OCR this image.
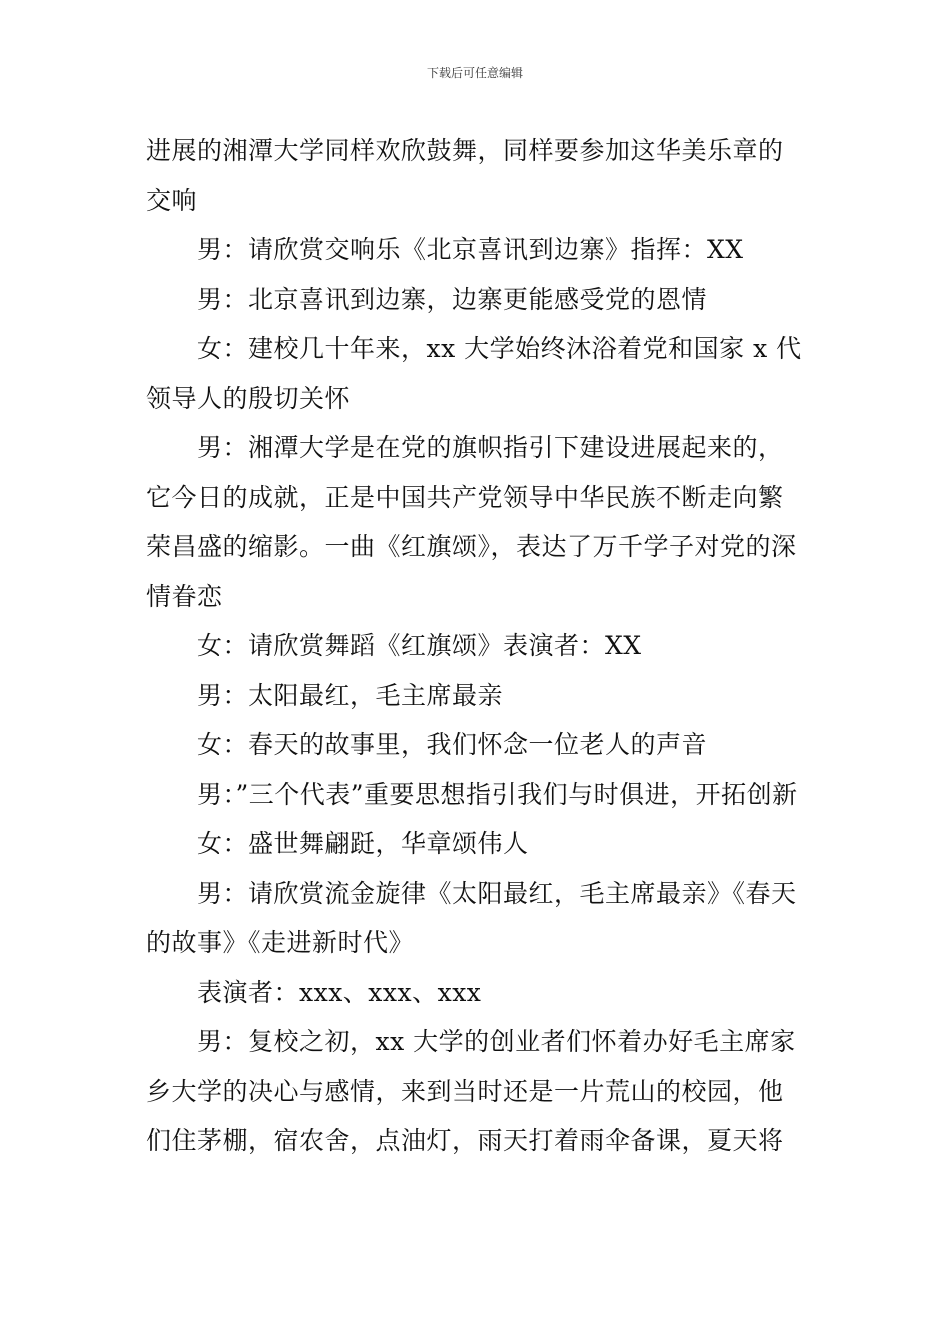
下载后可任意编辑

进展的湘潭大学同样欢欣鼓舞，同样要参加这华美乐章的交响

男：请欣赏交响乐《北京喜讯到边寨》指挥：XX

男：北京喜讯到边寨，边寨更能感受党的恩情

女：建校几十年来，xx 大学始终沐浴着党和国家 x 代领导人的殷切关怀

男：湘潭大学是在党的旗帜指引下建设进展起来的，它今日的成就，正是中国共产党领导中华民族不断走向繁荣昌盛的缩影。一曲《红旗颂》，表达了万千学子对党的深情眷恋

女：请欣赏舞蹈《红旗颂》表演者：XX

男：太阳最红，毛主席最亲

女：春天的故事里，我们怀念一位老人的声音

男：”三个代表”重要思想指引我们与时俱进，开拓创新

女：盛世舞翩跹，华章颂伟人

男：请欣赏流金旋律《太阳最红，毛主席最亲》《春天的故事》《走进新时代》

表演者：xxx、xxx、xxx

男：复校之初，xx 大学的创业者们怀着办好毛主席家乡大学的决心与感情，来到当时还是一片荒山的校园，他们住茅棚，宿农舍，点油灯，雨天打着雨伞备课，夏天将
